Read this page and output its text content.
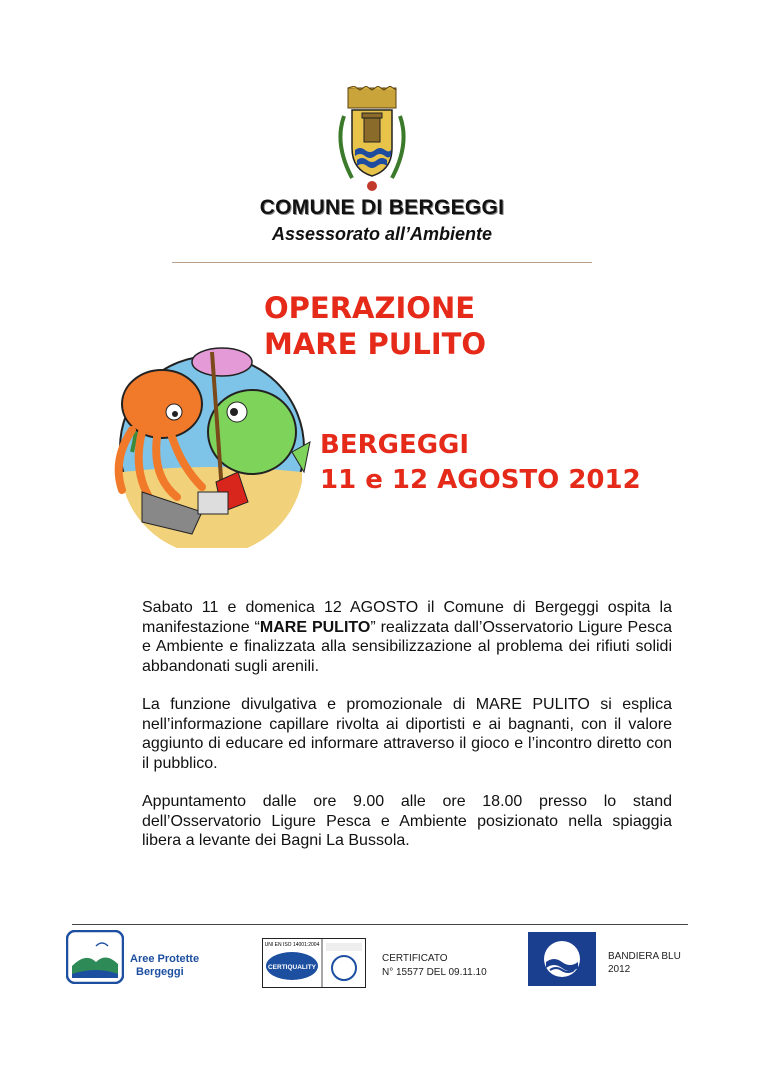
COMUNE DI BERGEGGI
Assessorato all’Ambiente
OPERAZIONE
MARE PULITO
BERGEGGI
11 e 12 AGOSTO 2012

Sabato 11 e domenica 12 AGOSTO il Comune di Bergeggi ospita la manifestazione “MARE PULITO” realizzata dall’Osservatorio Ligure Pesca e Ambiente e finalizzata alla sensibilizzazione al problema dei rifiuti solidi abbandonati sugli arenili.

La funzione divulgativa e promozionale di MARE PULITO si esplica nell’informazione capillare rivolta ai diportisti e ai bagnanti, con il valore aggiunto di educare ed informare attraverso il gioco e l’incontro diretto con il pubblico.

Appuntamento dalle ore 9.00 alle ore 18.00 presso lo stand dell’Osservatorio Ligure Pesca e Ambiente posizionato nella spiaggia libera a levante dei Bagni La Bussola.

Aree Protette
Bergeggi
UNI EN ISO 14001:2004
CERTIQUALITY
CERTIFICATO
N° 15577 DEL 09.11.10
BANDIERA BLU
2012
